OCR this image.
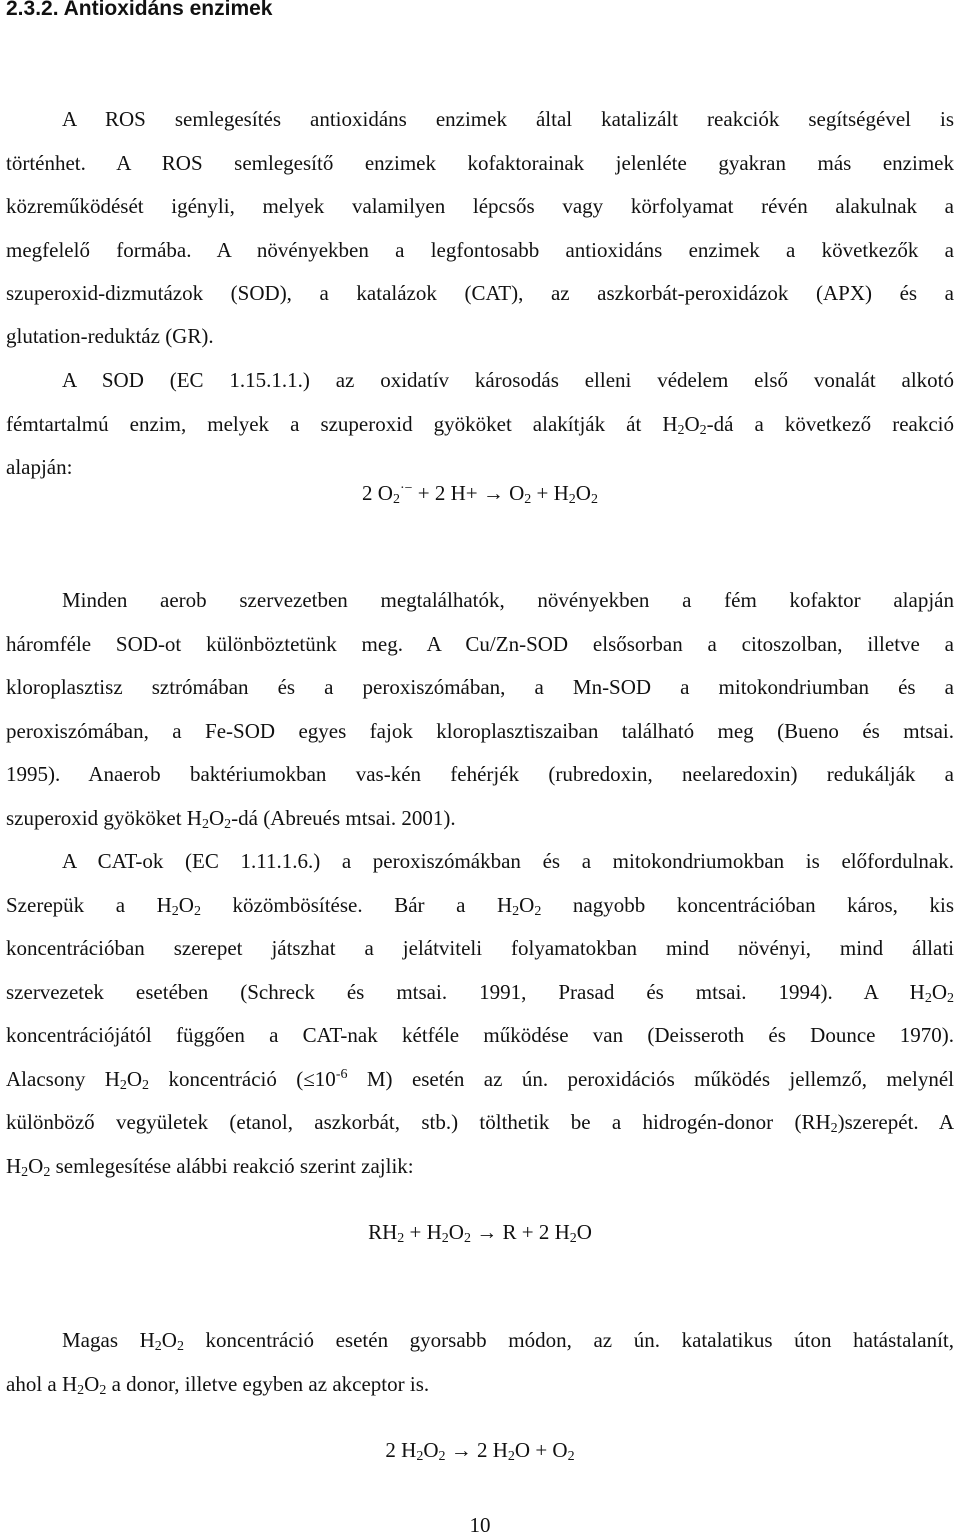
2.3.2. Antioxidáns enzimek

A ROS semlegesítés antioxidáns enzimek által katalizált reakciók segítségével is

történhet. A ROS semlegesítő enzimek kofaktorainak jelenléte gyakran más enzimek

közreműködését igényli, melyek valamilyen lépcsős vagy körfolyamat révén alakulnak a

megfelelő formába. A növényekben a legfontosabb antioxidáns enzimek a következők a

szuperoxid-dizmutázok (SOD), a katalázok (CAT), az aszkorbát-peroxidázok (APX) és a

glutation-reduktáz (GR).

A SOD (EC 1.15.1.1.) az oxidatív károsodás elleni védelem első vonalát alkotó

fémtartalmú enzim, melyek a szuperoxid gyököket alakítják át $H_2O_2-dá$ a következő reakció

alapján:

2 $O_2^{\cdot-} + 2$ $H+ \to O_2 + H_2O_2$

Minden aerob szervezetben megtalálhatók, növényekben a fém kofaktor alapján

háromféle SOD-ot különböztetünk meg. A Cu/Zn-SOD elsősorban a citoszolban, illetve a

kloroplasztisz sztrómában és a peroxiszómában, a Mn-SOD a mitokondriumban és a

peroxiszómában, a Fe-SOD egyes fajok kloroplasztiszaiban található meg (Bueno és mtsai.

1995). Anaerob baktériumokban vas-kén fehérjék (rubredoxin, neelaredoxin) redukálják a

szuperoxid gyököket $H_2O_2-dá$ (Abreués mtsai. 2001).

A CAT-ok (EC 1.11.1.6.) a peroxiszómákban és a mitokondriumokban is előfordulnak.

Szerepük a $H_2O_2$ közömbösítése. Bár a $H_2O_2$ nagyobb koncentrációban káros, kis

koncentrációban szerepet játszhat a jelátviteli folyamatokban mind növényi, mind állati

szervezetek esetében (Schreck és mtsai. 1991, Prasad és mtsai. 1994). A $H_2O_2$

koncentrációjától függően a CAT-nak kétféle működése van (Deisseroth és Dounce 1970).

Alacsony $H_2O_2$ koncentráció ($\le 10^{-6}$ M) esetén az ún. peroxidációs működés jellemző, melynél

különböző vegyületek (etanol, aszkorbát, stb.) tölthetik be a hidrogén-donor $(RH_2)szerepét$. A

$H_2O_2$ semlegesítése alábbi reakció szerint zajlik:

$RH_2 + H_2O_2 \to R + 2$ $H_2O$

Magas $H_2O_2$ koncentráció esetén gyorsabb módon, az ún. katalatikus úton hatástalanít,

ahol a $H_2O_2$ a donor, illetve egyben az akceptor is.

2 $H_2O_2 \to 2$ $H_2O + O_2$
10
